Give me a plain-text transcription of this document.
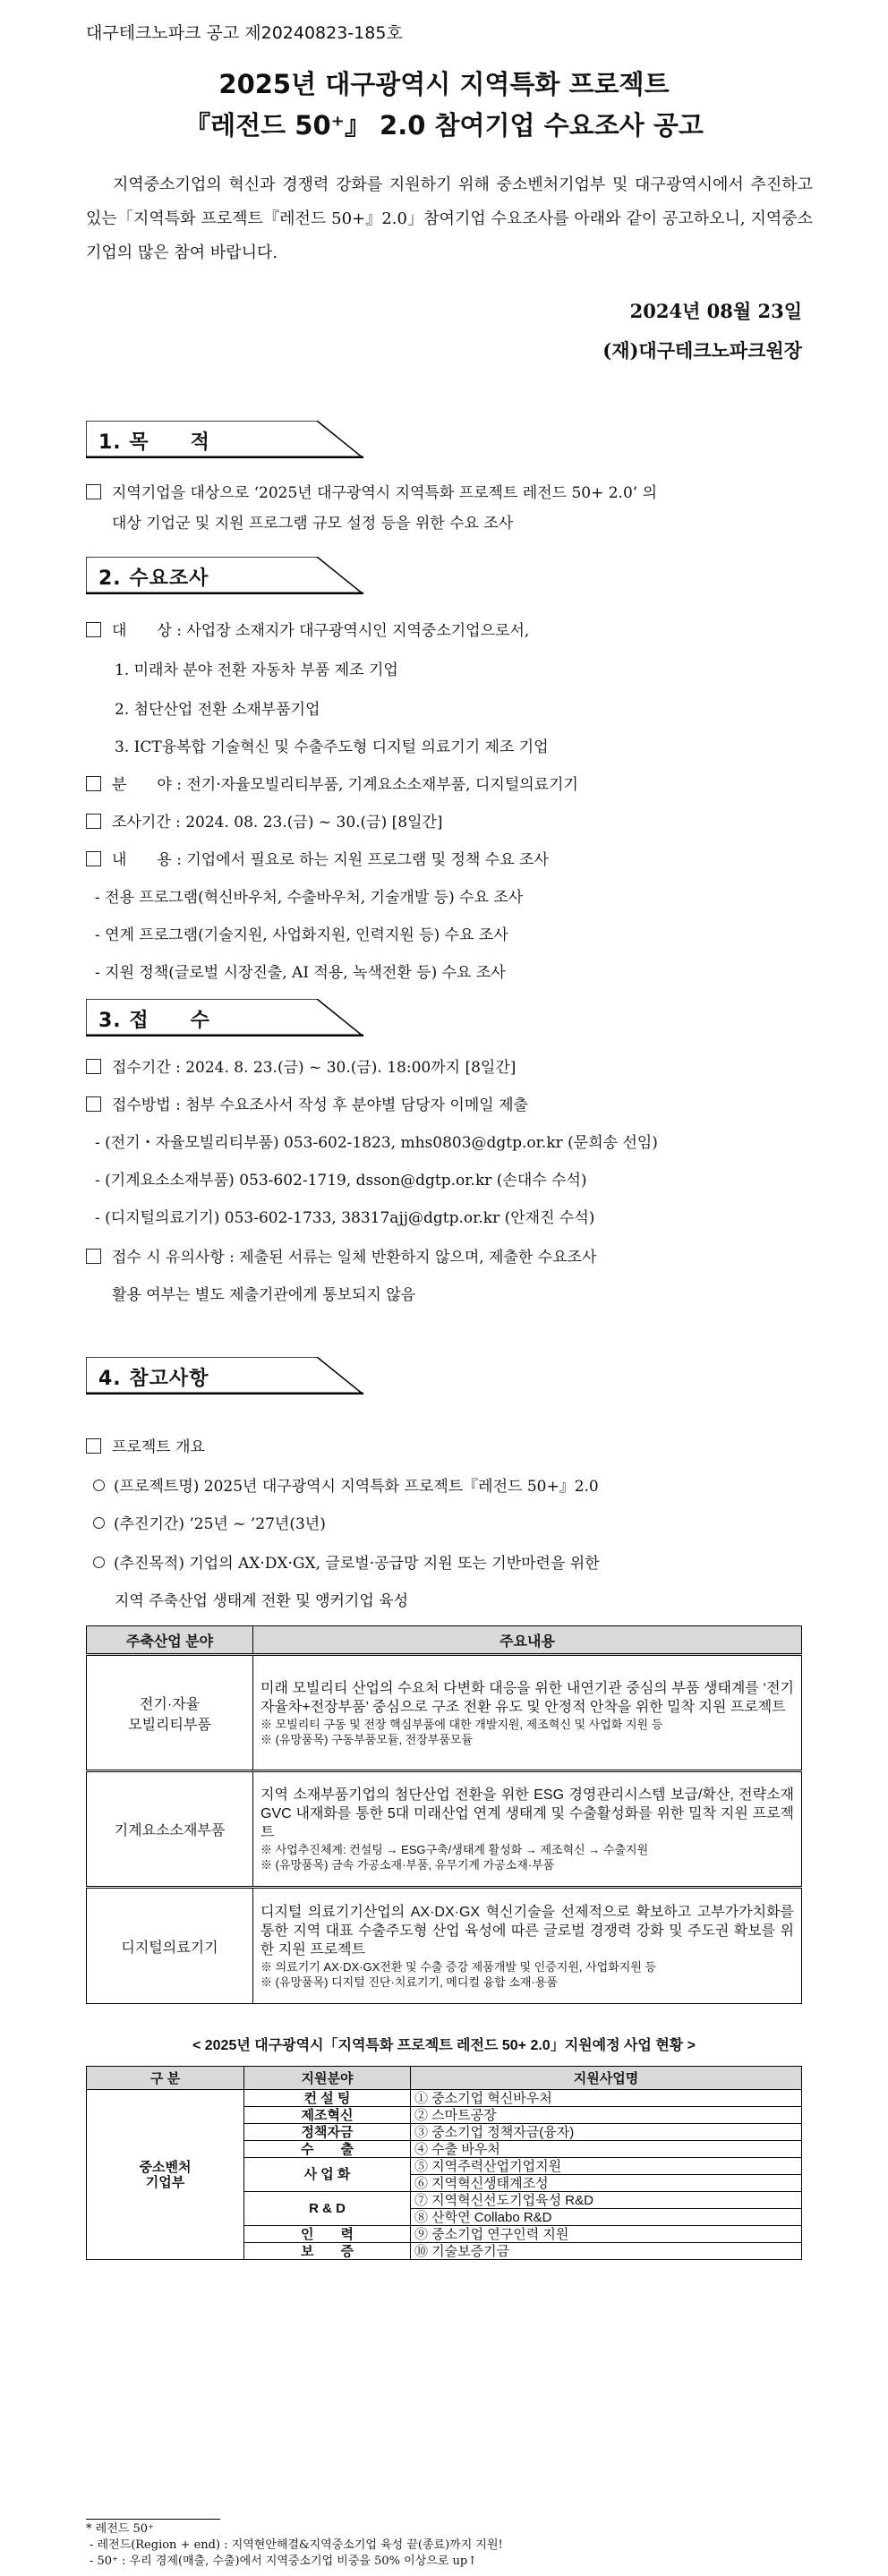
대구테크노파크 공고 제20240823-185호
2025년 대구광역시 지역특화 프로젝트
『레전드 50⁺』 2.0 참여기업 수요조사 공고
지역중소기업의 혁신과 경쟁력 강화를 지원하기 위해 중소벤처기업부 및 대구광역시에서 추진하고 있는「지역특화 프로젝트『레전드 50+』2.0」참여기업 수요조사를 아래와 같이 공고하오니, 지역중소기업의 많은 참여 바랍니다.
2024년 08월 23일
(재)대구테크노파크원장
1. 목　　적
지역기업을 대상으로 ‘2025년 대구광역시 지역특화 프로젝트 레전드 50+ 2.0’ 의
대상 기업군 및 지원 프로그램 규모 설정 등을 위한 수요 조사
2. 수요조사
대　　상 : 사업장 소재지가 대구광역시인 지역중소기업으로서,
1. 미래차 분야 전환 자동차 부품 제조 기업
2. 첨단산업 전환 소재부품기업
3. ICT융복합 기술혁신 및 수출주도형 디지털 의료기기 제조 기업
분　　야 : 전기·자율모빌리티부품, 기계요소소재부품, 디지털의료기기
조사기간 : 2024. 08. 23.(금) ~ 30.(금) [8일간]
내　　용 : 기업에서 필요로 하는 지원 프로그램 및 정책 수요 조사
- 전용 프로그램(혁신바우처, 수출바우처, 기술개발 등) 수요 조사
- 연계 프로그램(기술지원, 사업화지원, 인력지원 등) 수요 조사
- 지원 정책(글로벌 시장진출, AI 적용, 녹색전환 등) 수요 조사
3. 접　　수
접수기간 : 2024. 8. 23.(금) ~ 30.(금). 18:00까지 [8일간]
접수방법 : 첨부 수요조사서 작성 후 분야별 담당자 이메일 제출
- (전기・자율모빌리티부품) 053-602-1823, mhs0803@dgtp.or.kr (문희송 선임)
- (기계요소소재부품) 053-602-1719, dsson@dgtp.or.kr (손대수 수석)
- (디지털의료기기) 053-602-1733, 38317ajj@dgtp.or.kr (안재진 수석)
접수 시 유의사항 : 제출된 서류는 일체 반환하지 않으며, 제출한 수요조사
활용 여부는 별도 제출기관에게 통보되지 않음
4. 참고사항
프로젝트 개요
(프로젝트명) 2025년 대구광역시 지역특화 프로젝트『레전드 50+』2.0
(추진기간) ’25년 ~ ’27년(3년)
(추진목적) 기업의 AX·DX·GX, 글로벌·공급망 지원 또는 기반마련을 위한
지역 주축산업 생태계 전환 및 앵커기업 육성
주축산업 분야	주요내용
전기·자율
모빌리티부품	미래 모빌리티 산업의 수요처 다변화 대응을 위한 내연기관 중심의 부품 생태계를 ‘전기자율차+전장부품’ 중심으로 구조 전환 유도 및 안정적 안착을 위한 밀착 지원 프로젝트
※ 모빌리티 구동 및 전장 핵심부품에 대한 개발지원, 제조혁신 및 사업화 지원 등
※ (유망품목) 구동부품모듈, 전장부품모듈

기계요소소재부품	지역 소재부품기업의 첨단산업 전환을 위한 ESG 경영관리시스템 보급/확산, 전략소재 GVC 내재화를 통한 5대 미래산업 연계 생태계 및 수출활성화를 위한 밀착 지원 프로젝트
※ 사업추진체계: 컨설팅 → ESG구축/생태계 활성화 → 제조혁신 → 수출지원
※ (유망품목) 금속 가공소재·부품, 유무기계 가공소재·부품

디지털의료기기	디지털 의료기기산업의 AX·DX·GX 혁신기술을 선제적으로 확보하고 고부가가치화를 통한 지역 대표 수출주도형 산업 육성에 따른 글로벌 경쟁력 강화 및 주도권 확보를 위한 지원 프로젝트
※ 의료기기 AX·DX·GX전환 및 수출 증강 제품개발 및 인증지원, 사업화지원 등
※ (유망품목) 디지털 진단·치료기기, 메디컬 융합 소재·용품
< 2025년 대구광역시「지역특화 프로젝트 레전드 50+ 2.0」지원예정 사업 현황 >
구 분	지원분야	지원사업명
중소벤처
기업부	컨 설 팅	① 중소기업 혁신바우처
	제조혁신	② 스마트공장
	정책자금	③ 중소기업 정책자금(융자)
	수　　출	④ 수출 바우처
	사 업 화	⑤ 지역주력산업기업지원
		⑥ 지역혁신생태계조성
	R & D	⑦ 지역혁신선도기업육성 R&D
		⑧ 산학연 Collabo R&D
	인　　력	⑨ 중소기업 연구인력 지원
	보　　증	⑩ 기술보증기금
* 레전드 50⁺
- 레전드(Region + end) : 지역현안해결&지역중소기업 육성 끝(종료)까지 지원!
- 50⁺ : 우리 경제(매출, 수출)에서 지역중소기업 비중을 50% 이상으로 up↑
